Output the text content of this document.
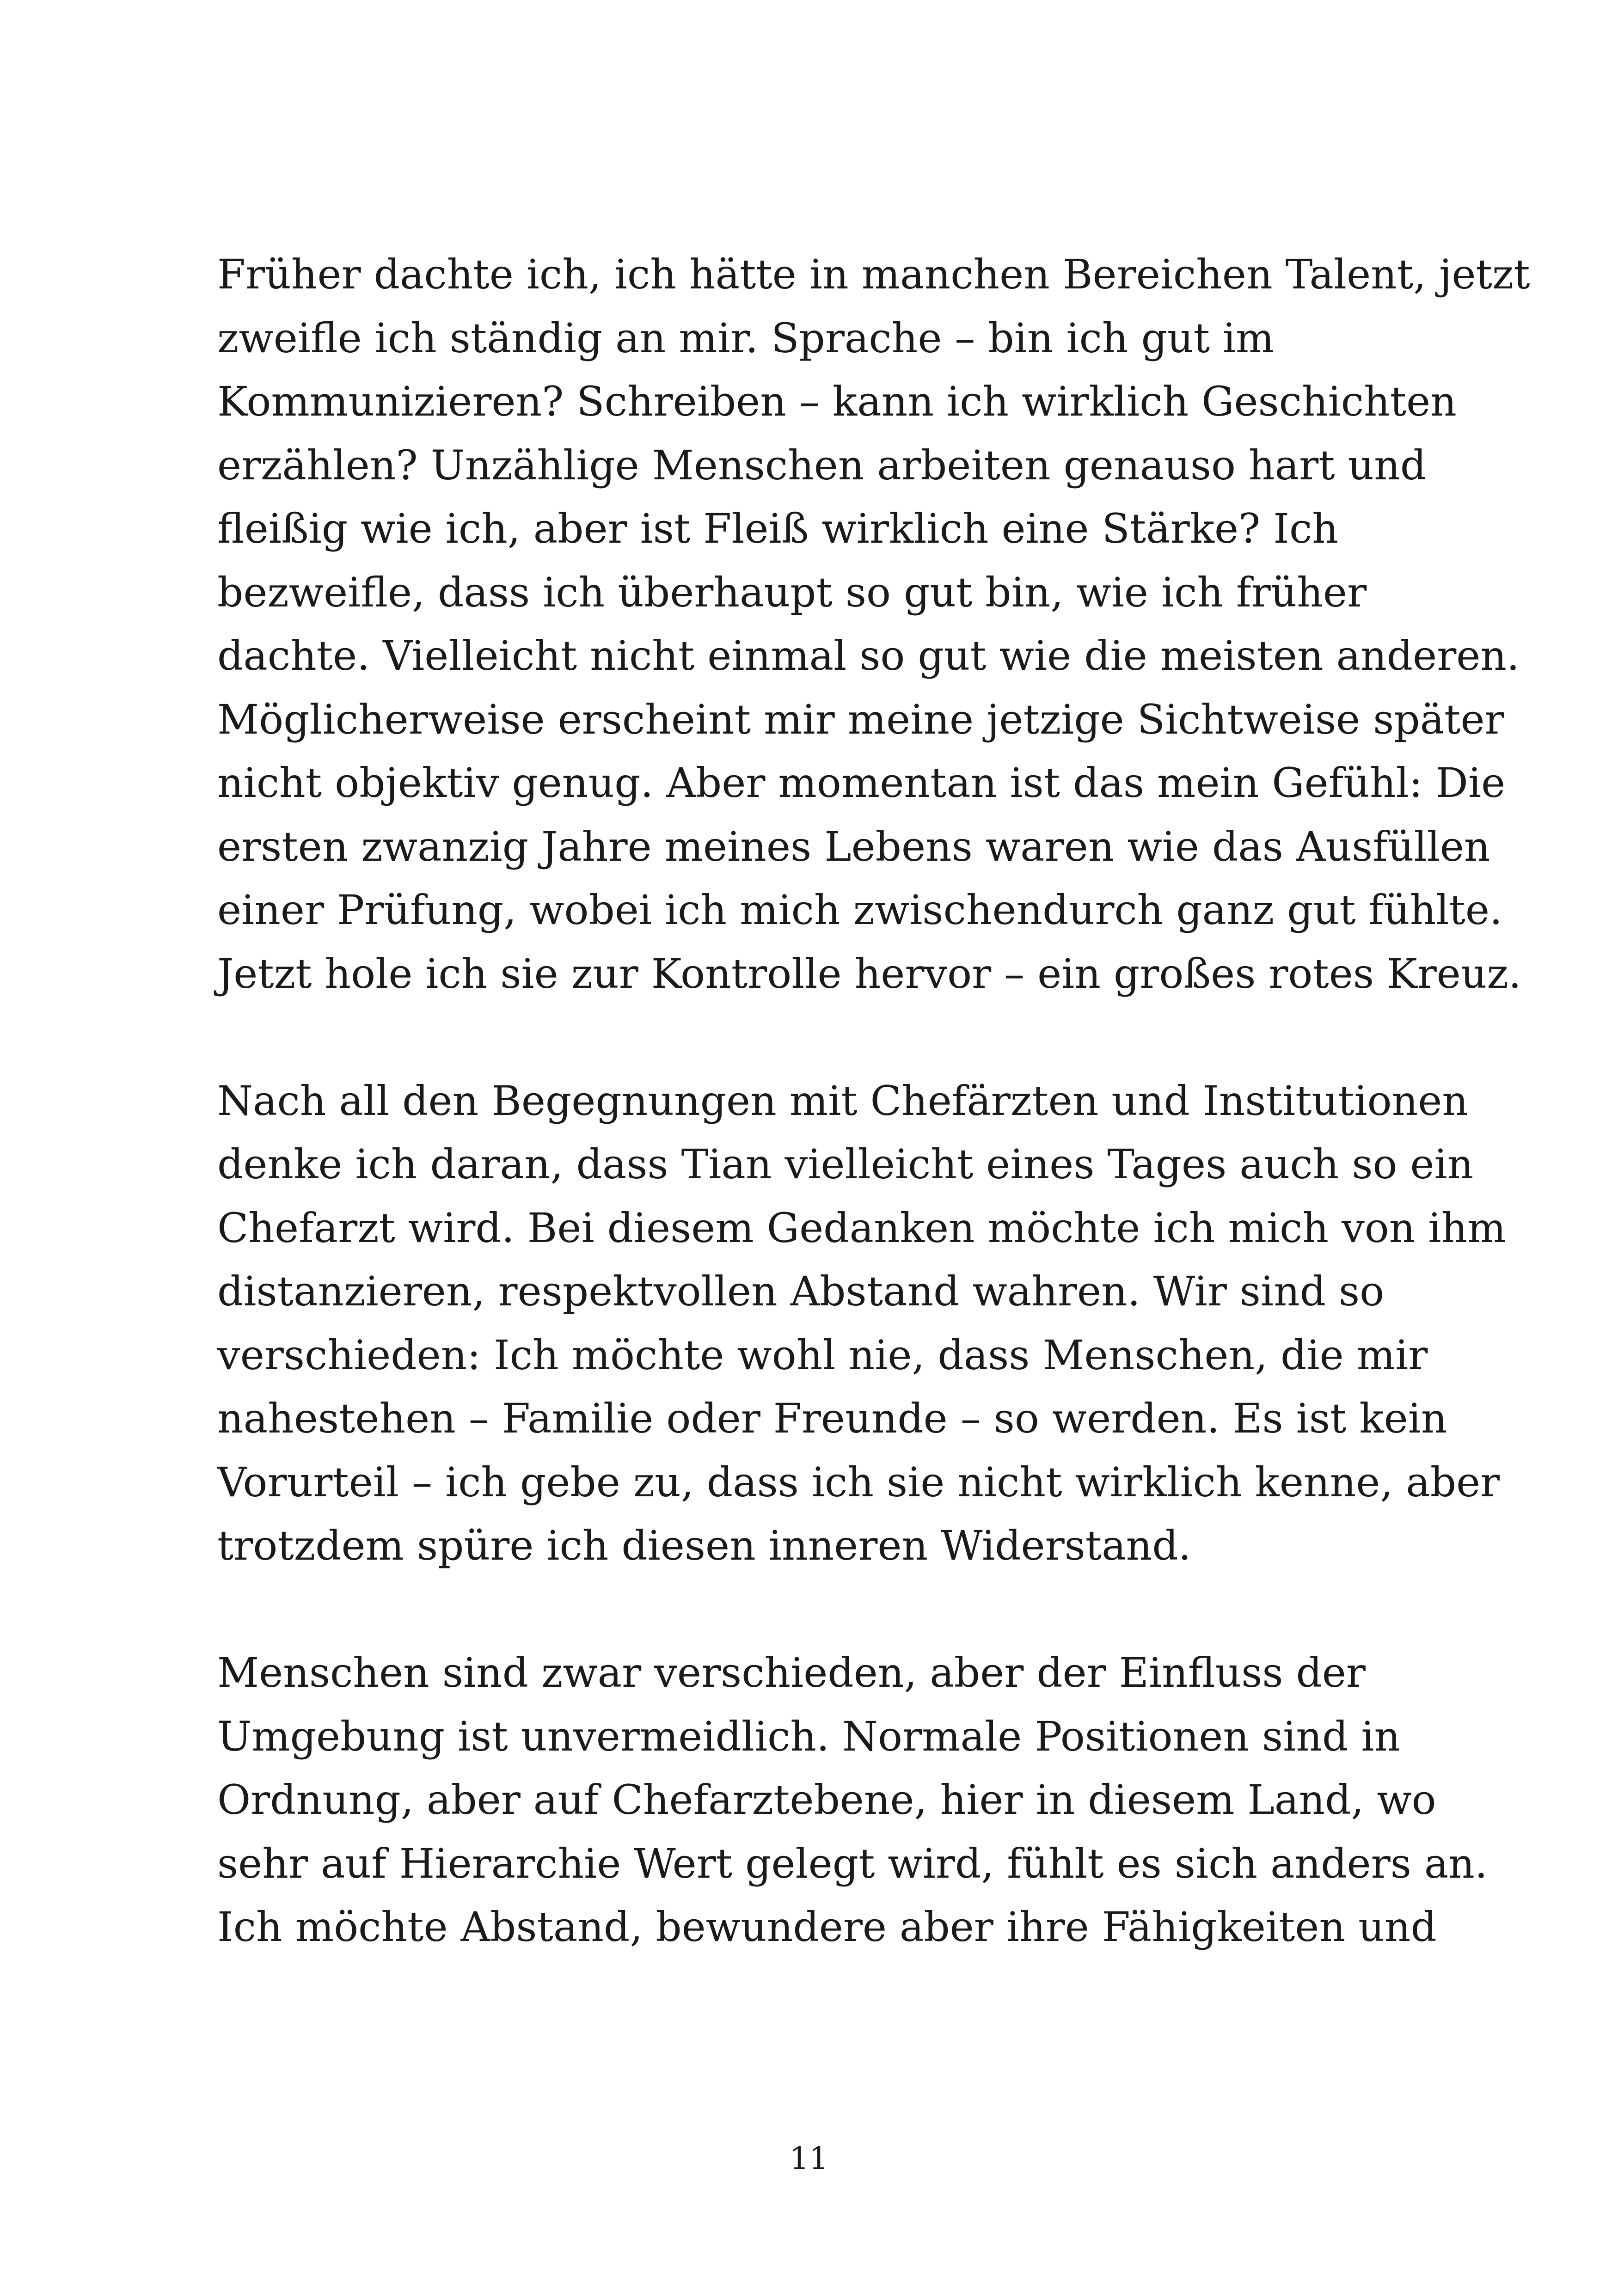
Früher dachte ich, ich hätte in manchen Bereichen Talent, jetzt
zweifle ich ständig an mir. Sprache – bin ich gut im
Kommunizieren? Schreiben – kann ich wirklich Geschichten
erzählen? Unzählige Menschen arbeiten genauso hart und
fleißig wie ich, aber ist Fleiß wirklich eine Stärke? Ich
bezweifle, dass ich überhaupt so gut bin, wie ich früher
dachte. Vielleicht nicht einmal so gut wie die meisten anderen.
Möglicherweise erscheint mir meine jetzige Sichtweise später
nicht objektiv genug. Aber momentan ist das mein Gefühl: Die
ersten zwanzig Jahre meines Lebens waren wie das Ausfüllen
einer Prüfung, wobei ich mich zwischendurch ganz gut fühlte.
Jetzt hole ich sie zur Kontrolle hervor – ein großes rotes Kreuz.

Nach all den Begegnungen mit Chefärzten und Institutionen
denke ich daran, dass Tian vielleicht eines Tages auch so ein
Chefarzt wird. Bei diesem Gedanken möchte ich mich von ihm
distanzieren, respektvollen Abstand wahren. Wir sind so
verschieden: Ich möchte wohl nie, dass Menschen, die mir
nahestehen – Familie oder Freunde – so werden. Es ist kein
Vorurteil – ich gebe zu, dass ich sie nicht wirklich kenne, aber
trotzdem spüre ich diesen inneren Widerstand.

Menschen sind zwar verschieden, aber der Einfluss der
Umgebung ist unvermeidlich. Normale Positionen sind in
Ordnung, aber auf Chefarztebene, hier in diesem Land, wo
sehr auf Hierarchie Wert gelegt wird, fühlt es sich anders an.
Ich möchte Abstand, bewundere aber ihre Fähigkeiten und

11
